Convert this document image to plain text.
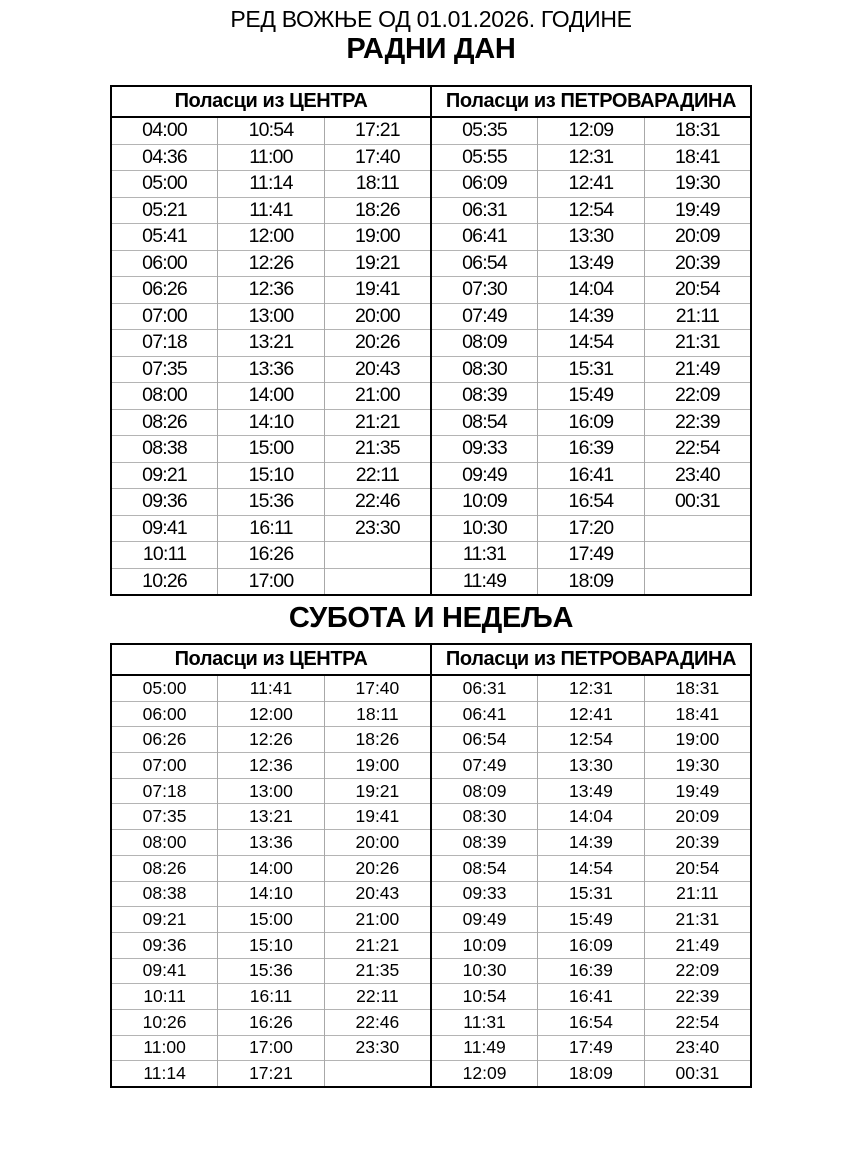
РЕД ВОЖЊЕ ОД 01.01.2026. ГОДИНЕ
РАДНИ ДАН
Поласци из ЦЕНТРА			Поласци из ПЕТРОВАРАДИНА		
04:00	10:54	17:21	05:35	12:09	18:31
04:36	11:00	17:40	05:55	12:31	18:41
05:00	11:14	18:11	06:09	12:41	19:30
05:21	11:41	18:26	06:31	12:54	19:49
05:41	12:00	19:00	06:41	13:30	20:09
06:00	12:26	19:21	06:54	13:49	20:39
06:26	12:36	19:41	07:30	14:04	20:54
07:00	13:00	20:00	07:49	14:39	21:11
07:18	13:21	20:26	08:09	14:54	21:31
07:35	13:36	20:43	08:30	15:31	21:49
08:00	14:00	21:00	08:39	15:49	22:09
08:26	14:10	21:21	08:54	16:09	22:39
08:38	15:00	21:35	09:33	16:39	22:54
09:21	15:10	22:11	09:49	16:41	23:40
09:36	15:36	22:46	10:09	16:54	00:31
09:41	16:11	23:30	10:30	17:20	
10:11	16:26		11:31	17:49	
10:26	17:00		11:49	18:09	
СУБОТА И НЕДЕЉА
Поласци из ЦЕНТРА			Поласци из ПЕТРОВАРАДИНА		
05:00	11:41	17:40	06:31	12:31	18:31
06:00	12:00	18:11	06:41	12:41	18:41
06:26	12:26	18:26	06:54	12:54	19:00
07:00	12:36	19:00	07:49	13:30	19:30
07:18	13:00	19:21	08:09	13:49	19:49
07:35	13:21	19:41	08:30	14:04	20:09
08:00	13:36	20:00	08:39	14:39	20:39
08:26	14:00	20:26	08:54	14:54	20:54
08:38	14:10	20:43	09:33	15:31	21:11
09:21	15:00	21:00	09:49	15:49	21:31
09:36	15:10	21:21	10:09	16:09	21:49
09:41	15:36	21:35	10:30	16:39	22:09
10:11	16:11	22:11	10:54	16:41	22:39
10:26	16:26	22:46	11:31	16:54	22:54
11:00	17:00	23:30	11:49	17:49	23:40
11:14	17:21		12:09	18:09	00:31
